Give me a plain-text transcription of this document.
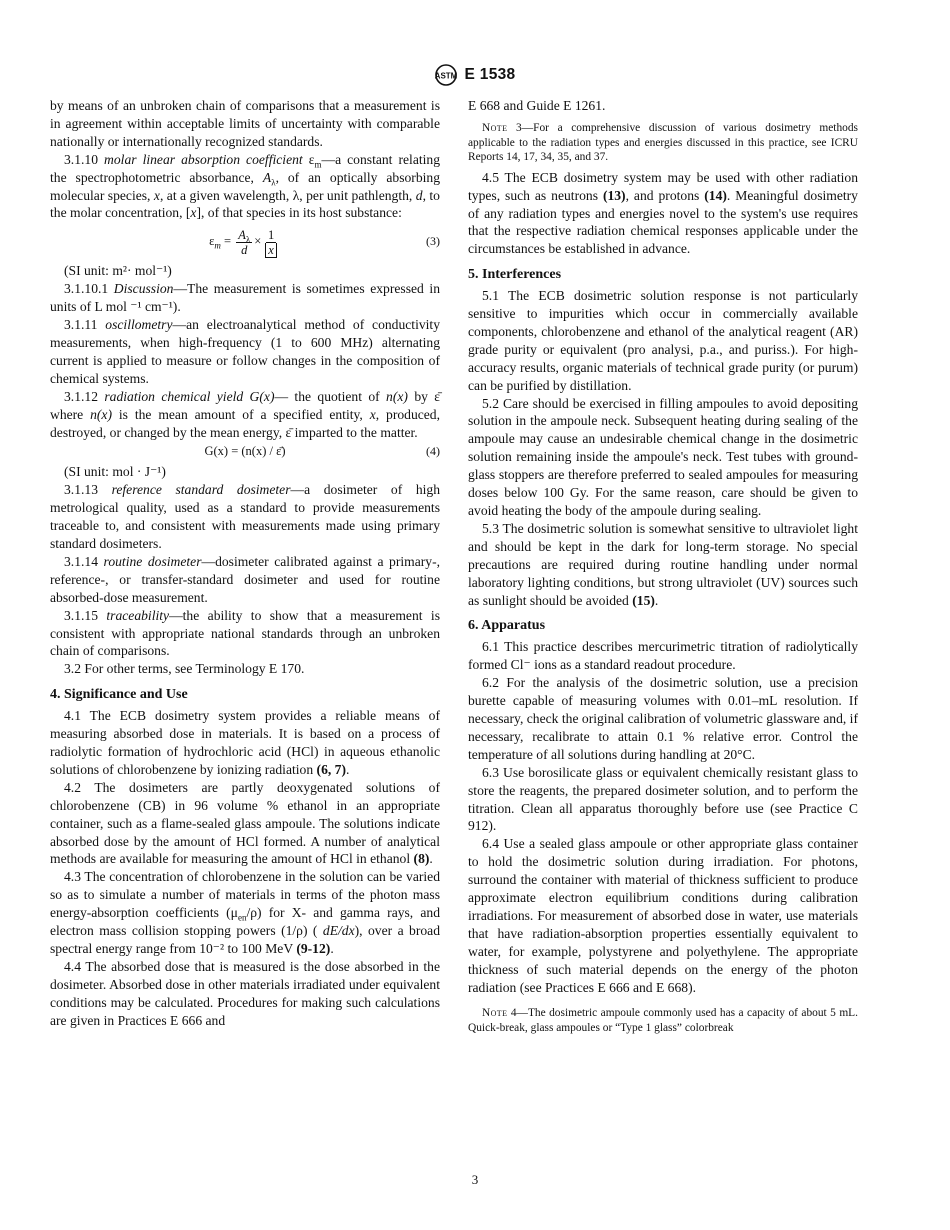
ASTM E 1538

by means of an unbroken chain of comparisons that a measurement is in agreement within acceptable limits of uncertainty with comparable nationally or internationally recognized standards.

3.1.10 molar linear absorption coefficient $\varepsilon_m—a$ constant relating the spectrophotometric absorbance, $A_\lambda$, of an optically absorbing molecular species, x, at a given wavelength, λ, per unit pathlength, d, to the molar concentration, [x], of that species in its host substance:

$\varepsilon_m = \frac{A_\lambda}{d} \times \frac{1}{x}$	(3)

(SI unit: m²· mol⁻¹)

3.1.10.1 Discussion—The measurement is sometimes expressed in units of L mol ⁻¹ cm⁻¹).

3.1.11 oscillometry—an electroanalytical method of conductivity measurements, when high-frequency (1 to 600 MHz) alternating current is applied to measure or follow changes in the composition of chemical systems.

3.1.12 radiation chemical yield G(x)— the quotient of n(x) by ε̄ where n(x) is the mean amount of a specified entity, x, produced, destroyed, or changed by the mean energy, ε̄ imparted to the matter.

G(x) = (n(x) / ε̄)	(4)

(SI unit: mol · J⁻¹)

3.1.13 reference standard dosimeter—a dosimeter of high metrological quality, used as a standard to provide measurements traceable to, and consistent with measurements made using primary standard dosimeters.

3.1.14 routine dosimeter—dosimeter calibrated against a primary-, reference-, or transfer-standard dosimeter and used for routine absorbed-dose measurement.

3.1.15 traceability—the ability to show that a measurement is consistent with appropriate national standards through an unbroken chain of comparisons.

3.2 For other terms, see Terminology E 170.

4. Significance and Use

4.1 The ECB dosimetry system provides a reliable means of measuring absorbed dose in materials. It is based on a process of radiolytic formation of hydrochloric acid (HCl) in aqueous ethanolic solutions of chlorobenzene by ionizing radiation (6, 7).

4.2 The dosimeters are partly deoxygenated solutions of chlorobenzene (CB) in 96 volume % ethanol in an appropriate container, such as a flame-sealed glass ampoule. The solutions indicate absorbed dose by the amount of HCl formed. A number of analytical methods are available for measuring the amount of HCl in ethanol (8).

4.3 The concentration of chlorobenzene in the solution can be varied so as to simulate a number of materials in terms of the photon mass energy-absorption coefficients $(\mu_{en}/\rho)$ for X- and gamma rays, and electron mass collision stopping powers (1/ρ) ( dE/dx), over a broad spectral energy range from 10⁻² to 100 MeV (9-12).

4.4 The absorbed dose that is measured is the dose absorbed in the dosimeter. Absorbed dose in other materials irradiated under equivalent conditions may be calculated. Procedures for making such calculations are given in Practices E 666 and

E 668 and Guide E 1261.

Note 3—For a comprehensive discussion of various dosimetry methods applicable to the radiation types and energies discussed in this practice, see ICRU Reports 14, 17, 34, 35, and 37.

4.5 The ECB dosimetry system may be used with other radiation types, such as neutrons (13), and protons (14). Meaningful dosimetry of any radiation types and energies novel to the system's use requires that the respective radiation chemical responses applicable under the circumstances be established in advance.

5. Interferences

5.1 The ECB dosimetric solution response is not particularly sensitive to impurities which occur in commercially available components, chlorobenzene and ethanol of the analytical reagent (AR) grade purity or equivalent (pro analysi, p.a., and puriss.). For high-accuracy results, organic materials of technical grade purity (or purum) can be purified by distillation.

5.2 Care should be exercised in filling ampoules to avoid depositing solution in the ampoule neck. Subsequent heating during sealing of the ampoule may cause an undesirable chemical change in the dosimetric solution remaining inside the ampoule's neck. Test tubes with ground-glass stoppers are therefore preferred to sealed ampoules for measuring doses below 100 Gy. For the same reason, care should be given to avoid heating the body of the ampoule during sealing.

5.3 The dosimetric solution is somewhat sensitive to ultraviolet light and should be kept in the dark for long-term storage. No special precautions are required during routine handling under normal laboratory lighting conditions, but strong ultraviolet (UV) sources such as sunlight should be avoided (15).

6. Apparatus

6.1 This practice describes mercurimetric titration of radiolytically formed Cl⁻ ions as a standard readout procedure.

6.2 For the analysis of the dosimetric solution, use a precision burette capable of measuring volumes with 0.01–mL resolution. If necessary, check the original calibration of volumetric glassware and, if necessary, recalibrate to attain 0.1 % relative error. Control the temperature of all solutions during handling at 20°C.

6.3 Use borosilicate glass or equivalent chemically resistant glass to store the reagents, the prepared dosimeter solution, and to perform the titration. Clean all apparatus thoroughly before use (see Practice C 912).

6.4 Use a sealed glass ampoule or other appropriate glass container to hold the dosimetric solution during irradiation. For photons, surround the container with material of thickness sufficient to produce approximate electron equilibrium conditions during calibration irradiations. For measurement of absorbed dose in water, use materials that have radiation-absorption properties essentially equivalent to water, for example, polystyrene and polyethylene. The appropriate thickness of such material depends on the energy of the photon radiation (see Practices E 666 and E 668).

Note 4—The dosimetric ampoule commonly used has a capacity of about 5 mL. Quick-break, glass ampoules or “Type 1 glass” colorbreak

3
